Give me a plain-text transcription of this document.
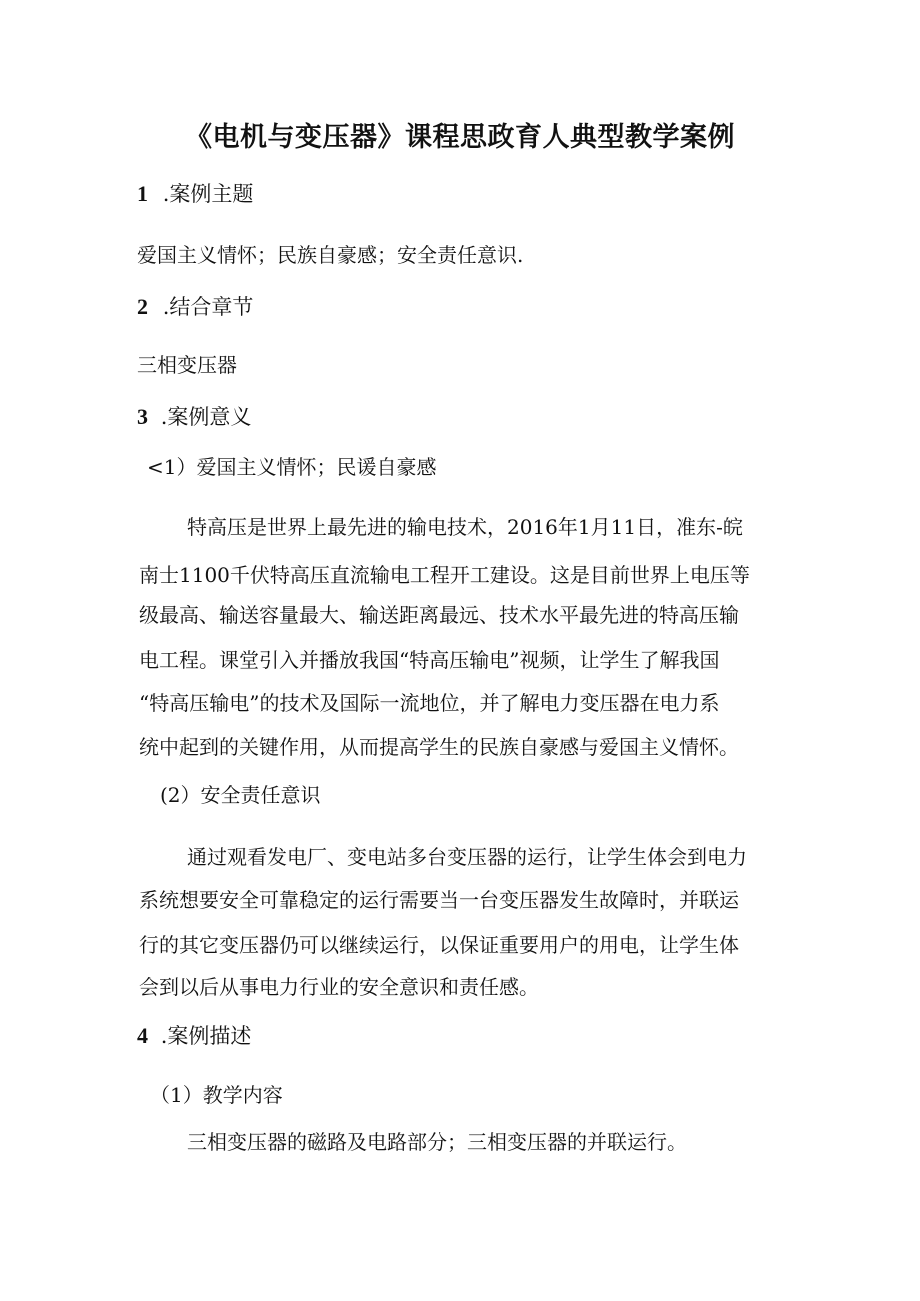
《电机与变压器》课程思政育人典型教学案例
1 .案例主题
爱国主义情怀；民族自豪感；安全责任意识.
2 .结合章节
三相变压器
3 .案例意义
<1）爱国主义情怀；民谖自豪感
特高压是世界上最先进的输电技术，2016年1月11日，准东-皖
南士1100千伏特高压直流输电工程开工建设。这是目前世界上电压等
级最高、输送容量最大、输送距离最远、技术水平最先进的特高压输
电工程。课堂引入并播放我国“特高压输电”视频，让学生了解我国
“特高压输电”的技术及国际一流地位，并了解电力变压器在电力系
统中起到的关键作用，从而提高学生的民族自豪感与爱国主义情怀。
(2）安全责任意识
通过观看发电厂、变电站多台变压器的运行，让学生体会到电力
系统想要安全可靠稳定的运行需要当一台变压器发生故障时，并联运
行的其它变压器仍可以继续运行，以保证重要用户的用电，让学生体
会到以后从事电力行业的安全意识和责任感。
4 .案例描述
（1）教学内容
三相变压器的磁路及电路部分；三相变压器的并联运行。
